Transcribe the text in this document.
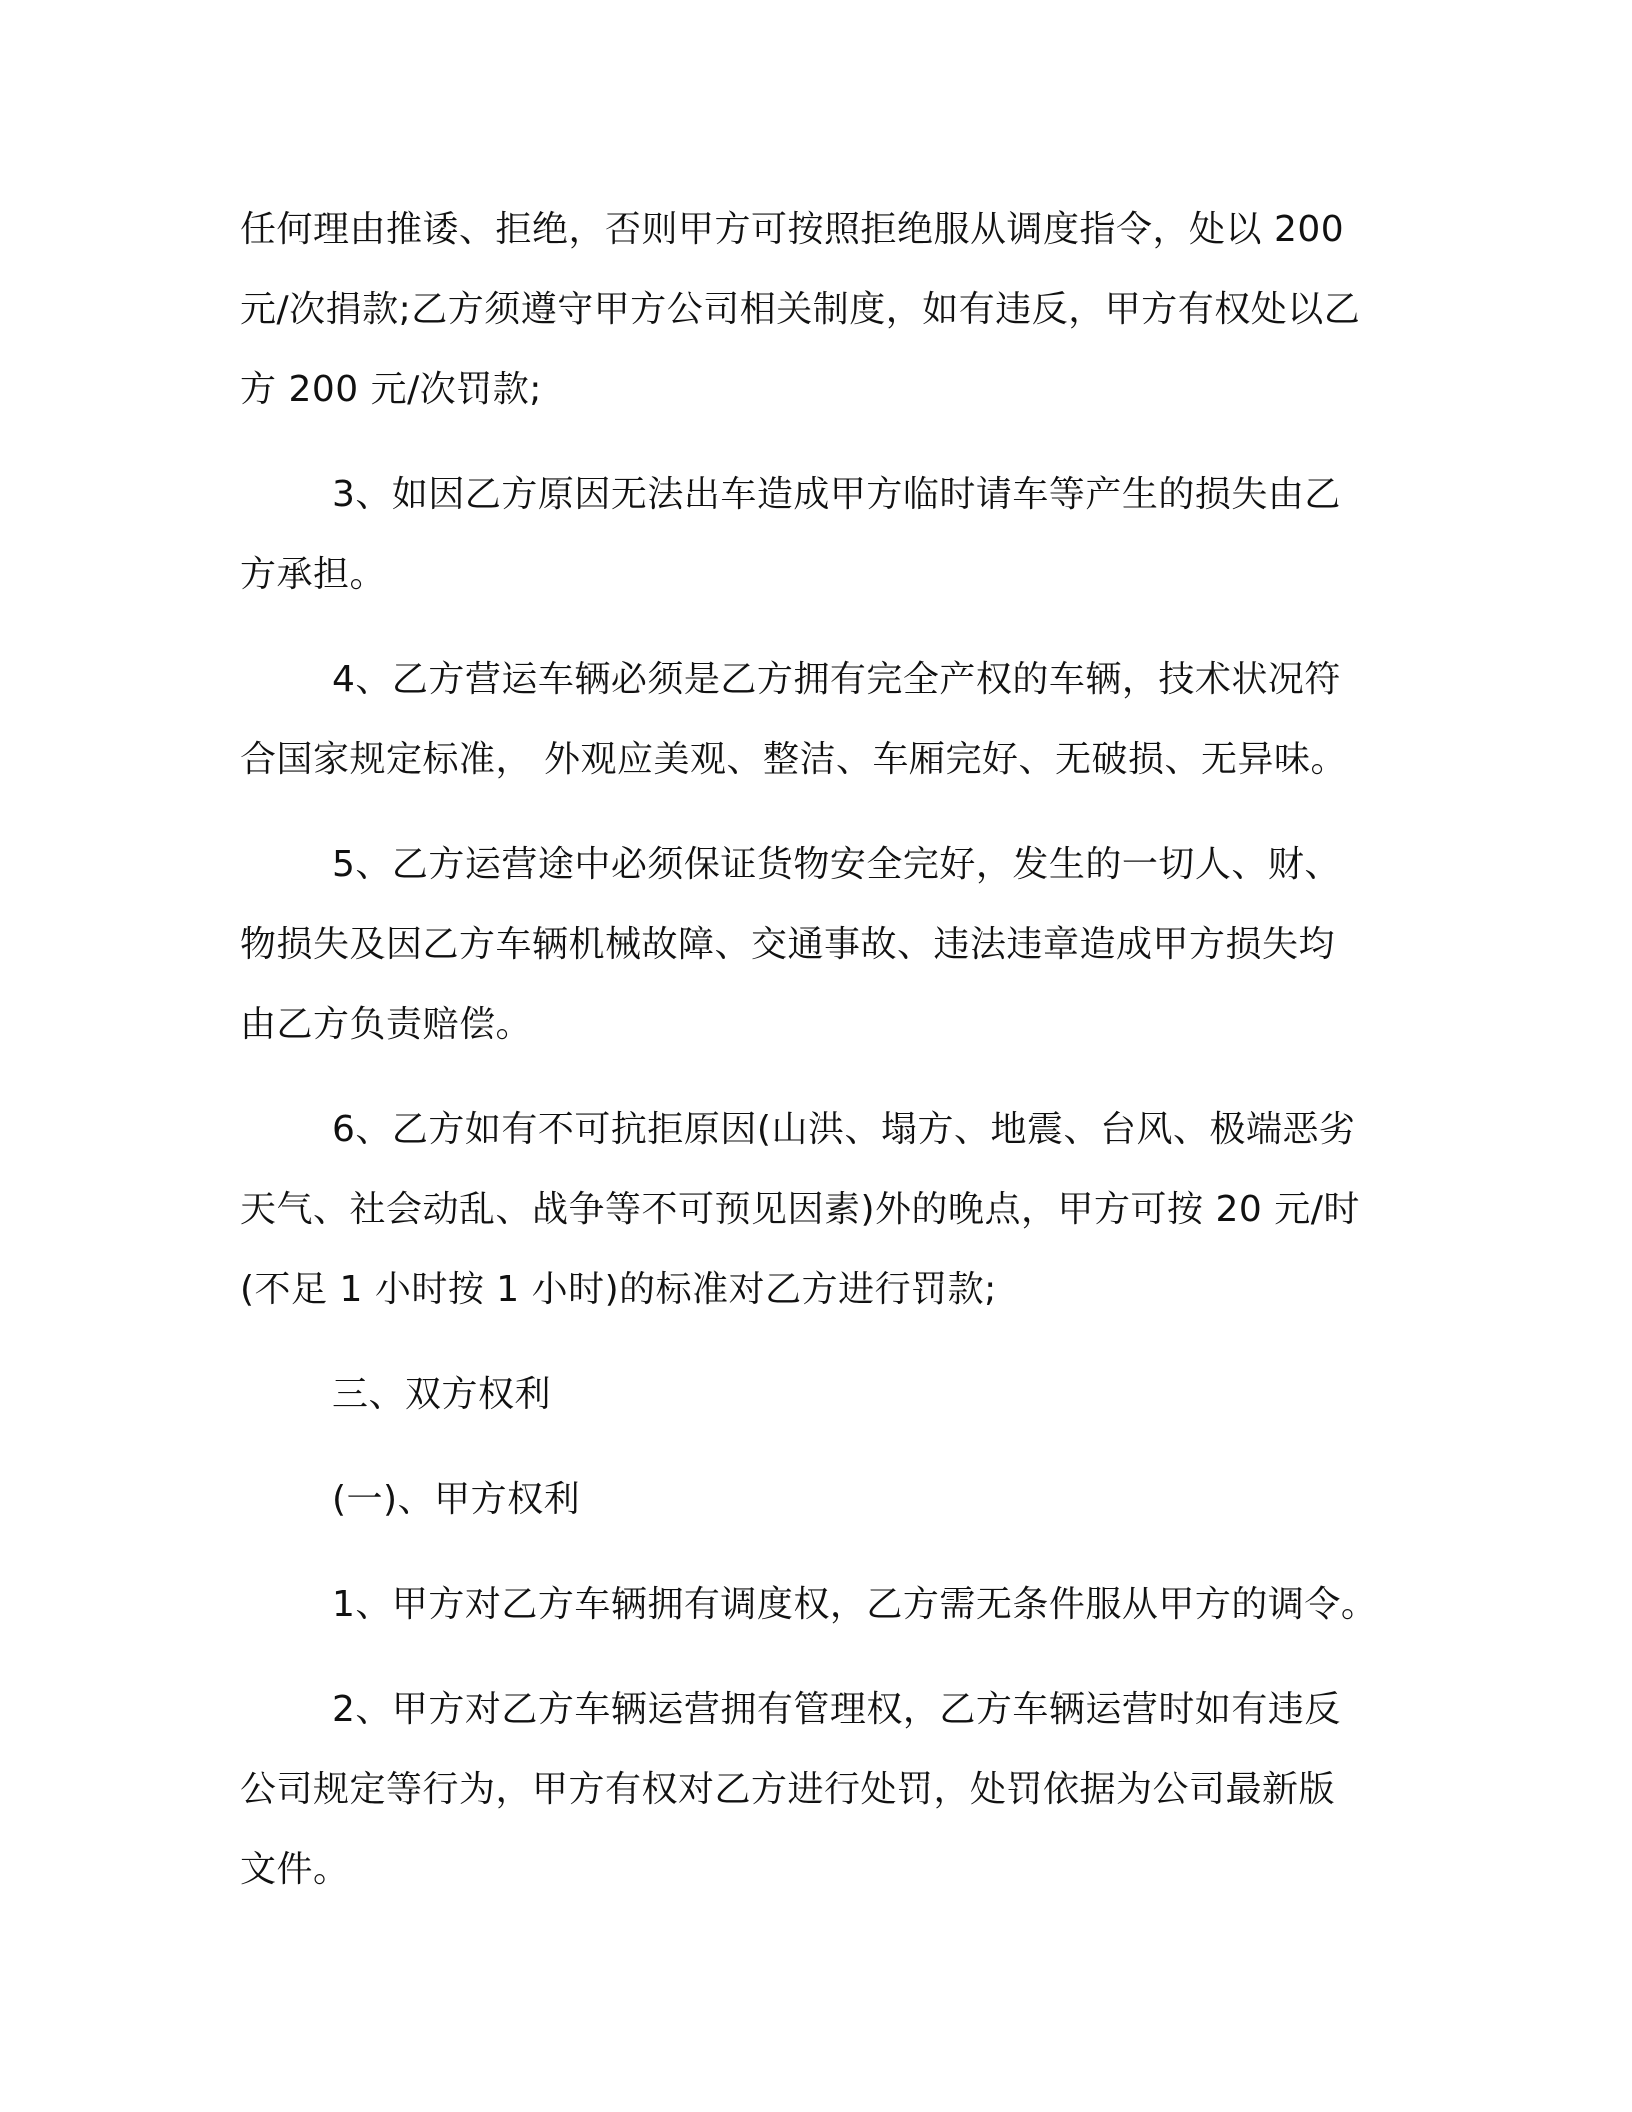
任何理由推诿、拒绝，否则甲方可按照拒绝服从调度指令，处以 200
元/次捐款;乙方须遵守甲方公司相关制度，如有违反，甲方有权处以乙
方 200 元/次罚款;

3、如因乙方原因无法出车造成甲方临时请车等产生的损失由乙
方承担。

4、乙方营运车辆必须是乙方拥有完全产权的车辆，技术状况符
合国家规定标准， 外观应美观、整洁、车厢完好、无破损、无异味。

5、乙方运营途中必须保证货物安全完好，发生的一切人、财、
物损失及因乙方车辆机械故障、交通事故、违法违章造成甲方损失均
由乙方负责赔偿。

6、乙方如有不可抗拒原因(山洪、塌方、地震、台风、极端恶劣
天气、社会动乱、战争等不可预见因素)外的晚点，甲方可按 20 元/时
(不足 1 小时按 1 小时)的标准对乙方进行罚款;

三、双方权利

(一)、甲方权利

1、甲方对乙方车辆拥有调度权，乙方需无条件服从甲方的调令。

2、甲方对乙方车辆运营拥有管理权，乙方车辆运营时如有违反
公司规定等行为，甲方有权对乙方进行处罚，处罚依据为公司最新版
文件。
